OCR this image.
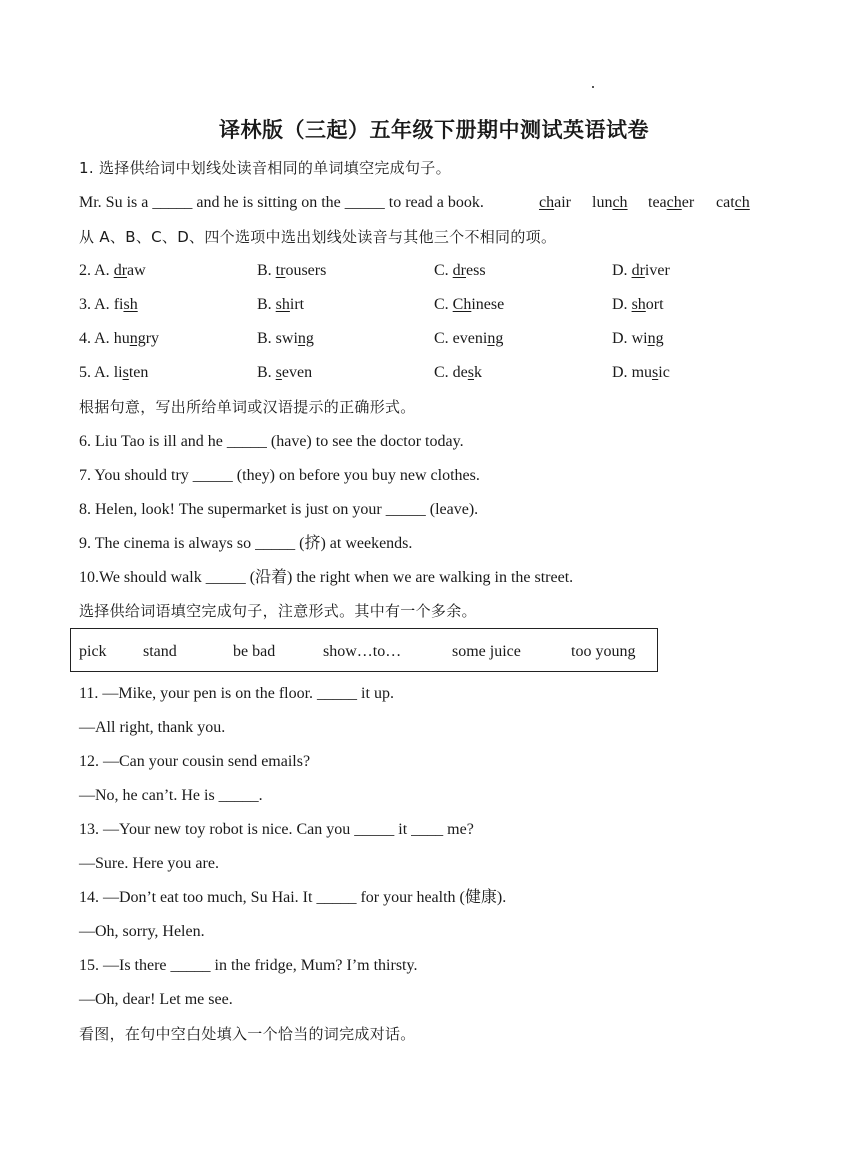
译林版（三起）五年级下册期中测试英语试卷
1. 选择供给词中划线处读音相同的单词填空完成句子。
Mr. Su is a _____ and he is sitting on the _____ to read a book.	chair lunch teacher catch
从 A、B、C、D、四个选项中选出划线处读音与其他三个不相同的项。
2. A. draw	B. trousers	C. dress	D. driver
3. A. fish	B. shirt	C. Chinese	D. short
4. A. hungry	B. swing	C. evening	D. wing
5. A. listen	B. seven	C. desk	D. music
根据句意，写出所给单词或汉语提示的正确形式。
6. Liu Tao is ill and he _____ (have) to see the doctor today.
7. You should try _____ (they) on before you buy new clothes.
8. Helen, look! The supermarket is just on your _____ (leave).
9. The cinema is always so _____ (挤) at weekends.
10.We should walk _____ (沿着) the right when we are walking in the street.
选择供给词语填空完成句子，注意形式。其中有一个多余。
pick stand	be bad	show…to…	some juice	too young
11. —Mike, your pen is on the floor. _____ it up.
—All right, thank you.
12. —Can your cousin send emails?
—No, he can’t. He is _____.
13. —Your new toy robot is nice. Can you _____ it ____ me?
—Sure. Here you are.
14. —Don’t eat too much, Su Hai. It _____ for your health (健康).
—Oh, sorry, Helen.
15. —Is there _____ in the fridge, Mum? I’m thirsty.
—Oh, dear! Let me see.
看图，在句中空白处填入一个恰当的词完成对话。
